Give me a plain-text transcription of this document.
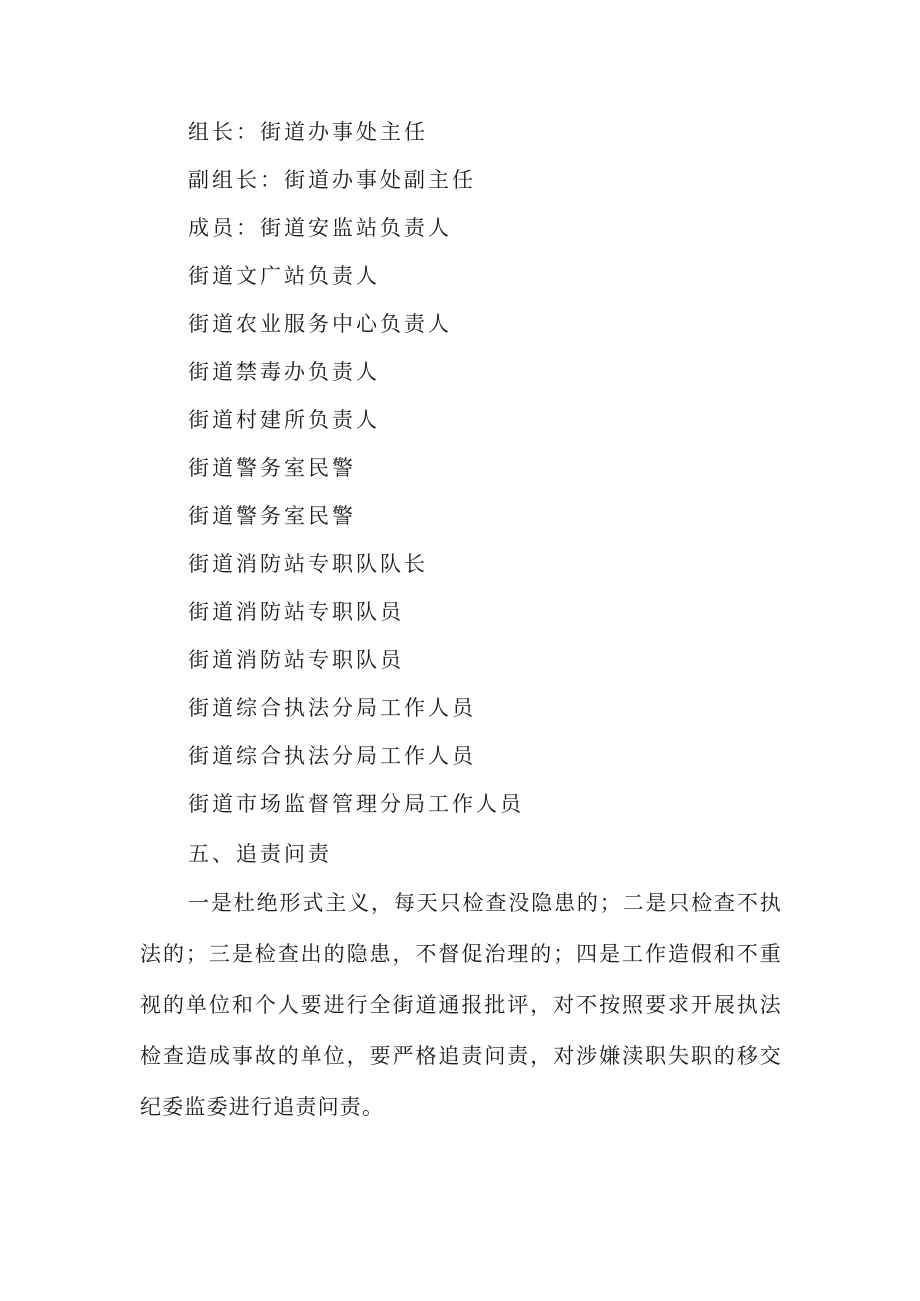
组长：街道办事处主任
副组长：街道办事处副主任
成员：街道安监站负责人
街道文广站负责人
街道农业服务中心负责人
街道禁毒办负责人
街道村建所负责人
街道警务室民警
街道警务室民警
街道消防站专职队队长
街道消防站专职队员
街道消防站专职队员
街道综合执法分局工作人员
街道综合执法分局工作人员
街道市场监督管理分局工作人员
五、追责问责
一是杜绝形式主义，每天只检查没隐患的；二是只检查不执法的；三是检查出的隐患，不督促治理的；四是工作造假和不重视的单位和个人要进行全街道通报批评，对不按照要求开展执法检查造成事故的单位，要严格追责问责，对涉嫌渎职失职的移交纪委监委进行追责问责。
